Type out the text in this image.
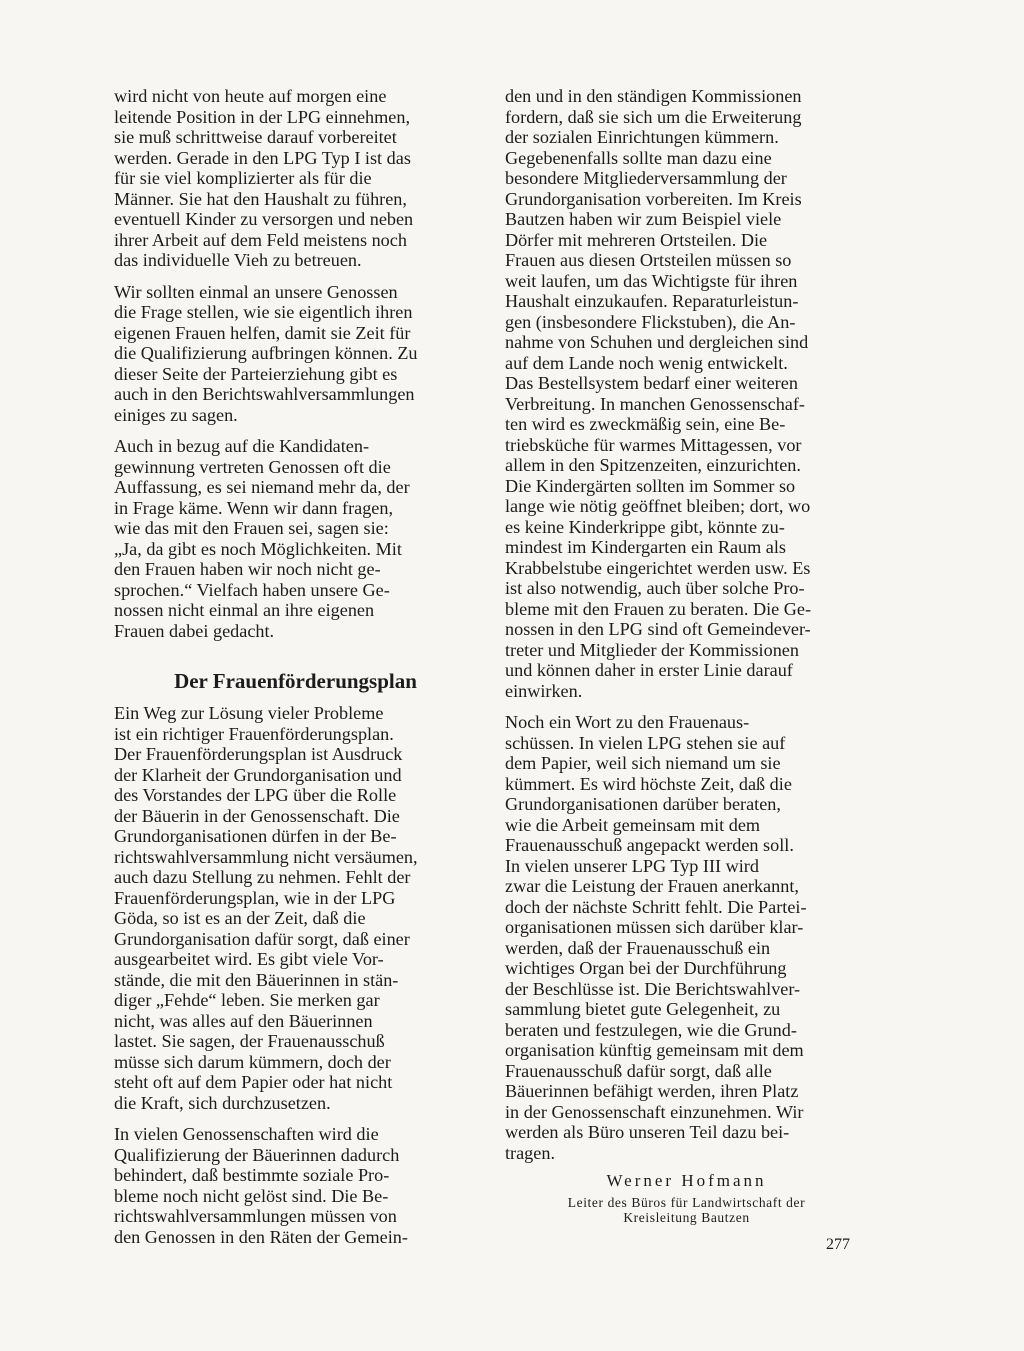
wird nicht von heute auf morgen eine
leitende Position in der LPG einnehmen,
sie muß schrittweise darauf vorbereitet
werden. Gerade in den LPG Typ I ist das
für sie viel komplizierter als für die
Männer. Sie hat den Haushalt zu führen,
eventuell Kinder zu versorgen und neben
ihrer Arbeit auf dem Feld meistens noch
das individuelle Vieh zu betreuen.

Wir sollten einmal an unsere Genossen
die Frage stellen, wie sie eigentlich ihren
eigenen Frauen helfen, damit sie Zeit für
die Qualifizierung aufbringen können. Zu
dieser Seite der Parteierziehung gibt es
auch in den Berichtswahlversammlungen
einiges zu sagen.

Auch in bezug auf die Kandidaten-
gewinnung vertreten Genossen oft die
Auffassung, es sei niemand mehr da, der
in Frage käme. Wenn wir dann fragen,
wie das mit den Frauen sei, sagen sie:
„Ja, da gibt es noch Möglichkeiten. Mit
den Frauen haben wir noch nicht ge-
sprochen.“ Vielfach haben unsere Ge-
nossen nicht einmal an ihre eigenen
Frauen dabei gedacht.

Der Frauenförderungsplan

Ein Weg zur Lösung vieler Probleme
ist ein richtiger Frauenförderungsplan.
Der Frauenförderungsplan ist Ausdruck
der Klarheit der Grundorganisation und
des Vorstandes der LPG über die Rolle
der Bäuerin in der Genossenschaft. Die
Grundorganisationen dürfen in der Be-
richtswahlversammlung nicht versäumen,
auch dazu Stellung zu nehmen. Fehlt der
Frauenförderungsplan, wie in der LPG
Göda, so ist es an der Zeit, daß die
Grundorganisation dafür sorgt, daß einer
ausgearbeitet wird. Es gibt viele Vor-
stände, die mit den Bäuerinnen in stän-
diger „Fehde“ leben. Sie merken gar
nicht, was alles auf den Bäuerinnen
lastet. Sie sagen, der Frauenausschuß
müsse sich darum kümmern, doch der
steht oft auf dem Papier oder hat nicht
die Kraft, sich durchzusetzen.

In vielen Genossenschaften wird die
Qualifizierung der Bäuerinnen dadurch
behindert, daß bestimmte soziale Pro-
bleme noch nicht gelöst sind. Die Be-
richtswahlversammlungen müssen von
den Genossen in den Räten der Gemein-

den und in den ständigen Kommissionen
fordern, daß sie sich um die Erweiterung
der sozialen Einrichtungen kümmern.
Gegebenenfalls sollte man dazu eine
besondere Mitgliederversammlung der
Grundorganisation vorbereiten. Im Kreis
Bautzen haben wir zum Beispiel viele
Dörfer mit mehreren Ortsteilen. Die
Frauen aus diesen Ortsteilen müssen so
weit laufen, um das Wichtigste für ihren
Haushalt einzukaufen. Reparaturleistun-
gen (insbesondere Flickstuben), die An-
nahme von Schuhen und dergleichen sind
auf dem Lande noch wenig entwickelt.
Das Bestellsystem bedarf einer weiteren
Verbreitung. In manchen Genossenschaf-
ten wird es zweckmäßig sein, eine Be-
triebsküche für warmes Mittagessen, vor
allem in den Spitzenzeiten, einzurichten.
Die Kindergärten sollten im Sommer so
lange wie nötig geöffnet bleiben; dort, wo
es keine Kinderkrippe gibt, könnte zu-
mindest im Kindergarten ein Raum als
Krabbelstube eingerichtet werden usw. Es
ist also notwendig, auch über solche Pro-
bleme mit den Frauen zu beraten. Die Ge-
nossen in den LPG sind oft Gemeindever-
treter und Mitglieder der Kommissionen
und können daher in erster Linie darauf
einwirken.

Noch ein Wort zu den Frauenaus-
schüssen. In vielen LPG stehen sie auf
dem Papier, weil sich niemand um sie
kümmert. Es wird höchste Zeit, daß die
Grundorganisationen darüber beraten,
wie die Arbeit gemeinsam mit dem
Frauenausschuß angepackt werden soll.
In vielen unserer LPG Typ III wird
zwar die Leistung der Frauen anerkannt,
doch der nächste Schritt fehlt. Die Partei-
organisationen müssen sich darüber klar-
werden, daß der Frauenausschuß ein
wichtiges Organ bei der Durchführung
der Beschlüsse ist. Die Berichtswahlver-
sammlung bietet gute Gelegenheit, zu
beraten und festzulegen, wie die Grund-
organisation künftig gemeinsam mit dem
Frauenausschuß dafür sorgt, daß alle
Bäuerinnen befähigt werden, ihren Platz
in der Genossenschaft einzunehmen. Wir
werden als Büro unseren Teil dazu bei-
tragen.

Werner Hofmann

Leiter des Büros für Landwirtschaft der
Kreisleitung Bautzen

277
